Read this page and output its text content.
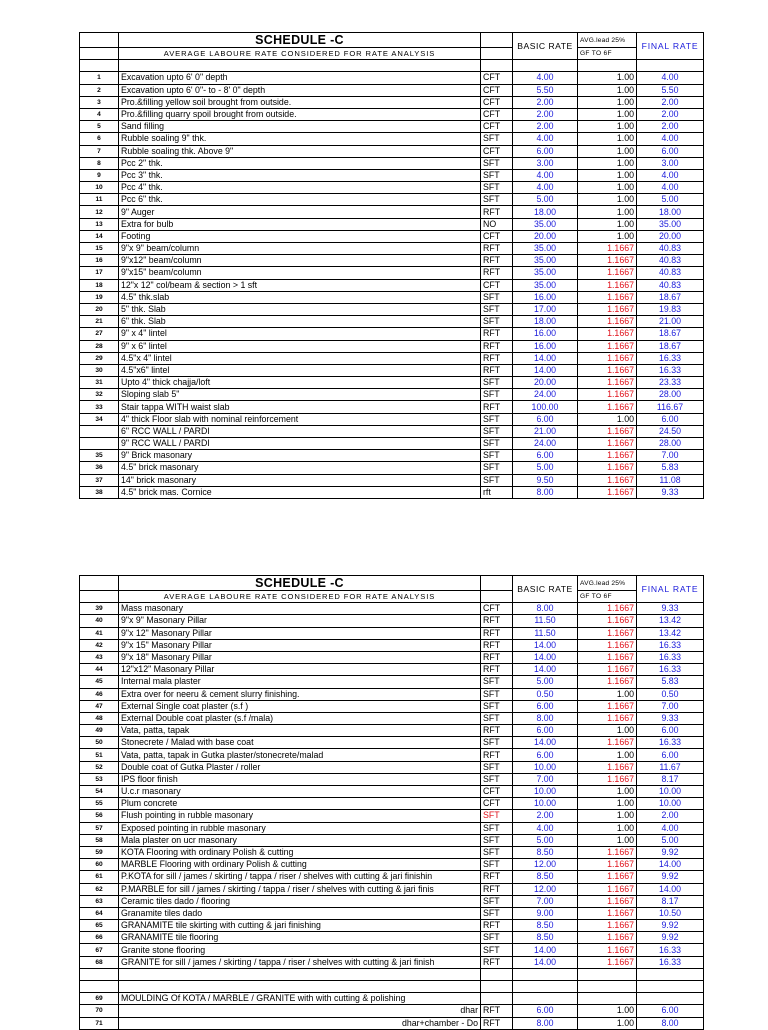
	SCHEDULE -C		BASIC RATE	AVG.lead 25%	FINAL RATE
	AVERAGE LABOURE RATE CONSIDERED FOR RATE ANALYSIS			GF TO 6F	

1	Excavation upto 6' 0" depth	CFT	4.00	1.00	4.00
2	Excavation upto 6' 0"- to - 8' 0" depth	CFT	5.50	1.00	5.50
3	Pro.&filling yellow soil brought from outside.	CFT	2.00	1.00	2.00
4	Pro.&filling quarry spoil brought from outside.	CFT	2.00	1.00	2.00
5	Sand filling	CFT	2.00	1.00	2.00
6	Rubble soaling 9" thk.	SFT	4.00	1.00	4.00
7	Rubble soaling thk. Above 9"	CFT	6.00	1.00	6.00
8	Pcc 2" thk.	SFT	3.00	1.00	3.00
9	Pcc 3" thk.	SFT	4.00	1.00	4.00
10	Pcc 4" thk.	SFT	4.00	1.00	4.00
11	Pcc 6" thk.	SFT	5.00	1.00	5.00
12	9" Auger	RFT	18.00	1.00	18.00
13	Extra for bulb	NO	35.00	1.00	35.00
14	Footing	CFT	20.00	1.00	20.00
15	9"x 9" beam/column	RFT	35.00	1.1667	40.83
16	9"x12" beam/column	RFT	35.00	1.1667	40.83
17	9"x15" beam/column	RFT	35.00	1.1667	40.83
18	12"x 12" col/beam & section > 1 sft	CFT	35.00	1.1667	40.83
19	4.5" thk.slab	SFT	16.00	1.1667	18.67
20	5" thk. Slab	SFT	17.00	1.1667	19.83
21	6" thk. Slab	SFT	18.00	1.1667	21.00
27	9" x 4" lintel	RFT	16.00	1.1667	18.67
28	9" x 6" lintel	RFT	16.00	1.1667	18.67
29	4.5"x 4" lintel	RFT	14.00	1.1667	16.33
30	4.5"x6" lintel	RFT	14.00	1.1667	16.33
31	Upto 4" thick chajja/loft	SFT	20.00	1.1667	23.33
32	Sloping slab 5"	SFT	24.00	1.1667	28.00
33	Stair tappa WITH waist slab	RFT	100.00	1.1667	116.67
34	4" thick Floor slab with nominal reinforcement	SFT	6.00	1.00	6.00
	6" RCC WALL / PARDI	SFT	21.00	1.1667	24.50
	9" RCC WALL / PARDI	SFT	24.00	1.1667	28.00
35	9" Brick masonary	SFT	6.00	1.1667	7.00
36	4.5" brick masonary	SFT	5.00	1.1667	5.83
37	14" brick masonary	SFT	9.50	1.1667	11.08
38	4.5" brick mas. Cornice	rft	8.00	1.1667	9.33
	SCHEDULE -C		BASIC RATE	AVG.lead 25%	FINAL RATE
	AVERAGE LABOURE RATE CONSIDERED FOR RATE ANALYSIS			GF TO 6F	
39	Mass masonary	CFT	8.00	1.1667	9.33
40	9"x 9" Masonary Pillar	RFT	11.50	1.1667	13.42
41	9"x 12" Masonary Pillar	RFT	11.50	1.1667	13.42
42	9"x 15" Masonary Pillar	RFT	14.00	1.1667	16.33
43	9"x 18" Masonary Pillar	RFT	14.00	1.1667	16.33
44	12"x12" Masonary Pillar	RFT	14.00	1.1667	16.33
45	Internal mala plaster	SFT	5.00	1.1667	5.83
46	Extra over for neeru & cement slurry finishing.	SFT	0.50	1.00	0.50
47	External Single coat plaster (s.f )	SFT	6.00	1.1667	7.00
48	External Double coat plaster (s.f /mala)	SFT	8.00	1.1667	9.33
49	Vata, patta, tapak	RFT	6.00	1.00	6.00
50	Stonecrete / Malad with base coat	SFT	14.00	1.1667	16.33
51	Vata, patta, tapak in Gutka plaster/stonecrete/malad	RFT	6.00	1.00	6.00
52	Double coat of Gutka Plaster / roller	SFT	10.00	1.1667	11.67
53	IPS floor finish	SFT	7.00	1.1667	8.17
54	U.c.r masonary	CFT	10.00	1.00	10.00
55	Plum concrete	CFT	10.00	1.00	10.00
56	Flush pointing in rubble masonary	SFT	2.00	1.00	2.00
57	Exposed pointing in rubble masonary	SFT	4.00	1.00	4.00
58	Mala plaster on ucr masonary	SFT	5.00	1.00	5.00
59	KOTA Flooring with ordinary Polish & cutting	SFT	8.50	1.1667	9.92
60	MARBLE Flooring with ordinary Polish & cutting	SFT	12.00	1.1667	14.00
61	P.KOTA for sill / james / skirting / tappa / riser / shelves with cutting & jari finishin	RFT	8.50	1.1667	9.92
62	P.MARBLE for sill / james / skirting / tappa / riser / shelves with cutting & jari finis	RFT	12.00	1.1667	14.00
63	Ceramic tiles dado / flooring	SFT	7.00	1.1667	8.17
64	Granamite tiles dado	SFT	9.00	1.1667	10.50
65	GRANAMITE tile skirting with cutting & jari finishing	RFT	8.50	1.1667	9.92
66	GRANAMITE tile flooring	SFT	8.50	1.1667	9.92
67	Granite stone flooring	SFT	14.00	1.1667	16.33
68	GRANITE for sill / james / skirting / tappa / riser / shelves with cutting & jari finish	RFT	14.00	1.1667	16.33

69	MOULDING Of KOTA / MARBLE / GRANITE with with cutting & polishing				
70	dhar	RFT	6.00	1.00	6.00
71	dhar+chamber - Do	RFT	8.00	1.00	8.00
